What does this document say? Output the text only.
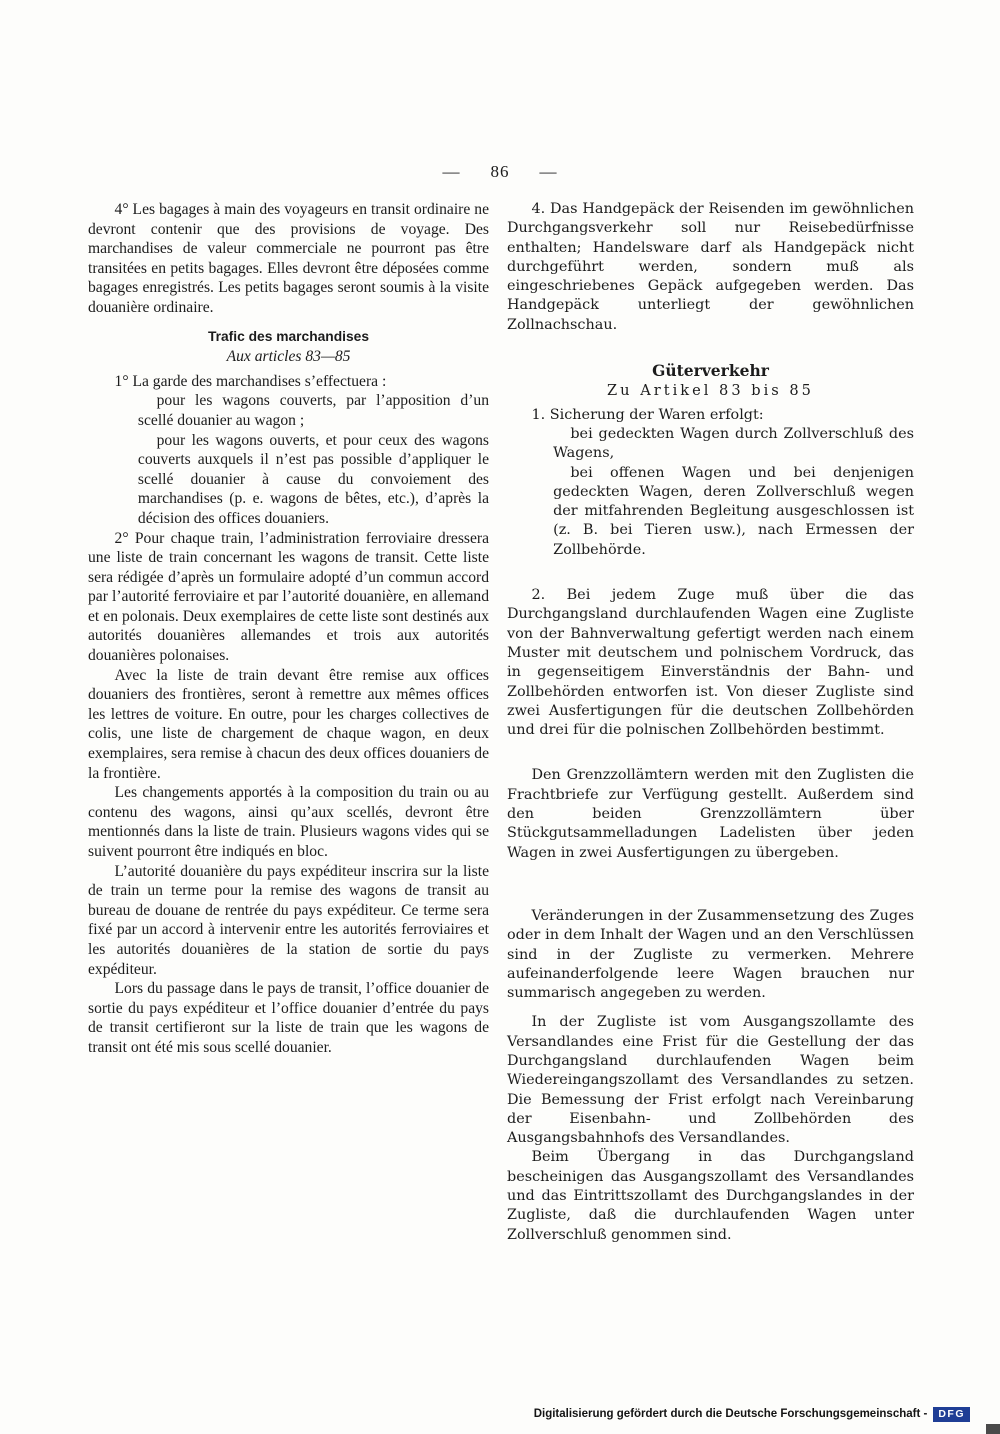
— 86 —

4° Les bagages à main des voyageurs en transit ordinaire ne devront contenir que des provisions de voyage. Des marchandises de valeur commerciale ne pourront pas être transitées en petits bagages. Elles devront être déposées comme bagages enregistrés. Les petits bagages seront soumis à la visite douanière ordinaire.

Trafic des marchandises

Aux articles 83—85

1° La garde des marchandises s’effectuera :

pour les wagons couverts, par l’apposition d’un scellé douanier au wagon ;

pour les wagons ouverts, et pour ceux des wagons couverts auxquels il n’est pas possible d’appliquer le scellé douanier à cause du convoiement des marchandises (p. e. wagons de bêtes, etc.), d’après la décision des offices douaniers.

2° Pour chaque train, l’administration ferroviaire dressera une liste de train concernant les wagons de transit. Cette liste sera rédigée d’après un formulaire adopté d’un commun accord par l’autorité ferroviaire et par l’autorité douanière, en allemand et en polonais. Deux exemplaires de cette liste sont destinés aux autorités douanières allemandes et trois aux autorités douanières polonaises.

Avec la liste de train devant être remise aux offices douaniers des frontières, seront à remettre aux mêmes offices les lettres de voiture. En outre, pour les charges collectives de colis, une liste de chargement de chaque wagon, en deux exemplaires, sera remise à chacun des deux offices douaniers de la frontière.

Les changements apportés à la composition du train ou au contenu des wagons, ainsi qu’aux scellés, devront être mentionnés dans la liste de train. Plusieurs wagons vides qui se suivent pourront être indiqués en bloc.

L’autorité douanière du pays expéditeur inscrira sur la liste de train un terme pour la remise des wagons de transit au bureau de douane de rentrée du pays expéditeur. Ce terme sera fixé par un accord à intervenir entre les autorités ferroviaires et les autorités douanières de la station de sortie du pays expéditeur.

Lors du passage dans le pays de transit, l’office douanier de sortie du pays expéditeur et l’office douanier d’entrée du pays de transit certifieront sur la liste de train que les wagons de transit ont été mis sous scellé douanier.

4. Das Handgepäck der Reisenden im gewöhnlichen Durchgangsverkehr soll nur Reisebedürfnisse enthalten; Handelsware darf als Handgepäck nicht durchgeführt werden, sondern muß als eingeschriebenes Gepäck aufgegeben werden. Das Handgepäck unterliegt der gewöhnlichen Zollnachschau.

Güterverkehr

Zu Artikel 83 bis 85

1. Sicherung der Waren erfolgt:

bei gedeckten Wagen durch Zollverschluß des Wagens,

bei offenen Wagen und bei denjenigen gedeckten Wagen, deren Zollverschluß wegen der mitfahrenden Begleitung ausgeschlossen ist (z. B. bei Tieren usw.), nach Ermessen der Zollbehörde.

2. Bei jedem Zuge muß über die das Durchgangsland durchlaufenden Wagen eine Zugliste von der Bahnverwaltung gefertigt werden nach einem Muster mit deutschem und polnischem Vordruck, das in gegenseitigem Einverständnis der Bahn- und Zollbehörden entworfen ist. Von dieser Zugliste sind zwei Ausfertigungen für die deutschen Zollbehörden und drei für die polnischen Zollbehörden bestimmt.

Den Grenzzollämtern werden mit den Zuglisten die Frachtbriefe zur Verfügung gestellt. Außerdem sind den beiden Grenzzollämtern über Stückgutsammelladungen Ladelisten über jeden Wagen in zwei Ausfertigungen zu übergeben.

Veränderungen in der Zusammensetzung des Zuges oder in dem Inhalt der Wagen und an den Verschlüssen sind in der Zugliste zu vermerken. Mehrere aufeinanderfolgende leere Wagen brauchen nur summarisch angegeben zu werden.

In der Zugliste ist vom Ausgangszollamte des Versandlandes eine Frist für die Gestellung der das Durchgangsland durchlaufenden Wagen beim Wiedereingangszollamt des Versandlandes zu setzen. Die Bemessung der Frist erfolgt nach Vereinbarung der Eisenbahn- und Zollbehörden des Ausgangsbahnhofs des Versandlandes.

Beim Übergang in das Durchgangsland bescheinigen das Ausgangszollamt des Versandlandes und das Eintrittszollamt des Durchgangslandes in der Zugliste, daß die durchlaufenden Wagen unter Zollverschluß genommen sind.

Digitalisierung gefördert durch die Deutsche Forschungsgemeinschaft -	DFG
